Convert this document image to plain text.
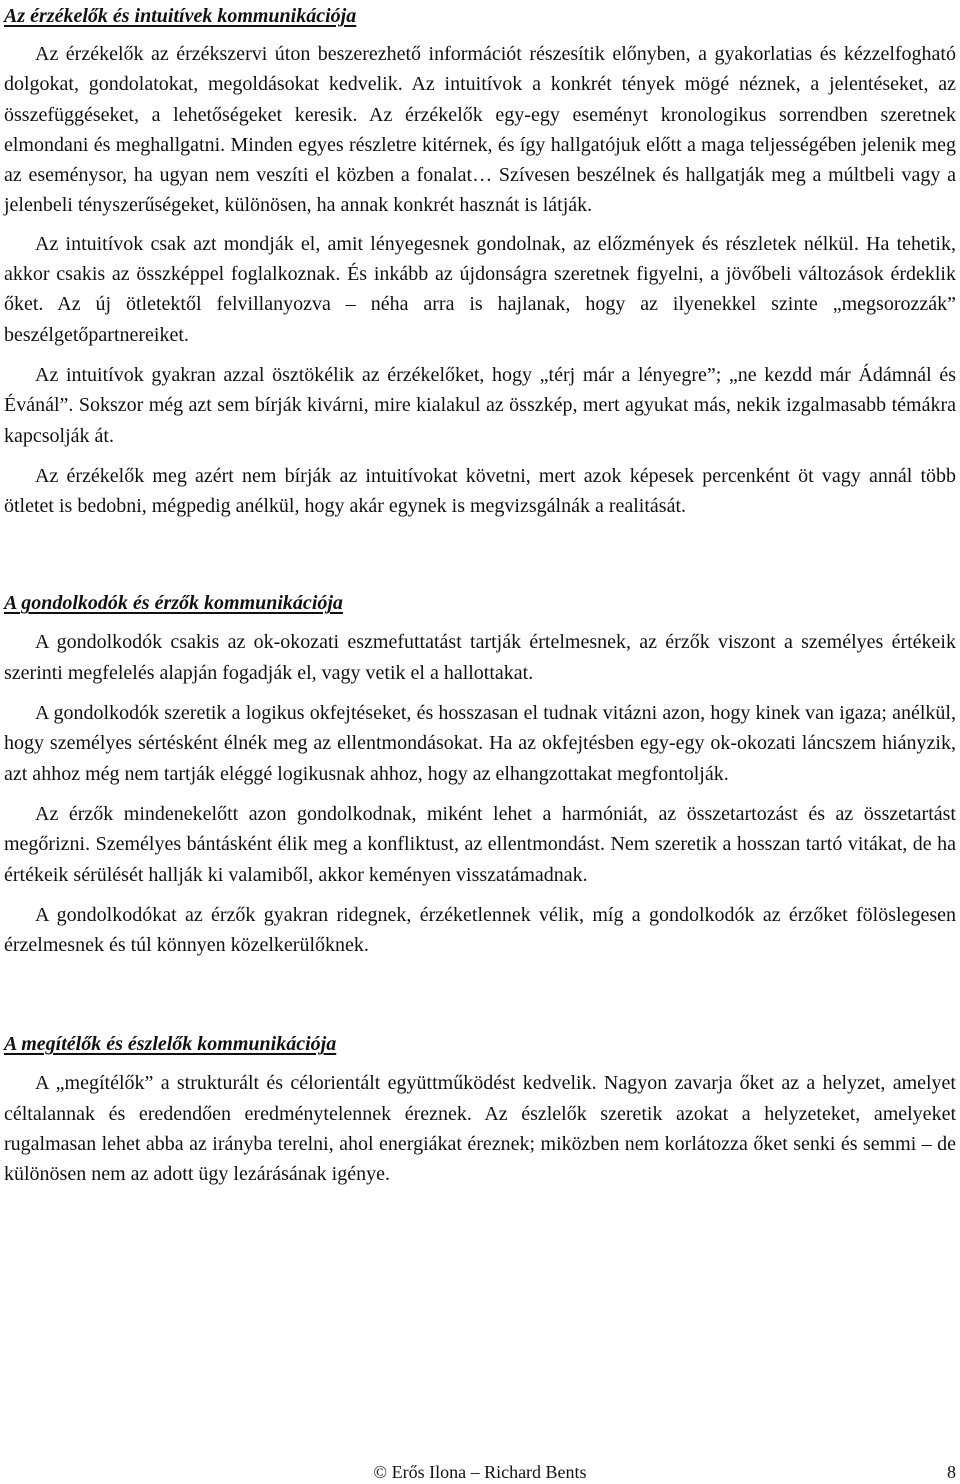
Az érzékelők és intuitívek kommunikációja

Az érzékelők az érzékszervi úton beszerezhető információt részesítik előnyben, a gyakorlatias és kézzelfogható dolgokat, gondolatokat, megoldásokat kedvelik. Az intuitívok a konkrét tények mögé néznek, a jelentéseket, az összefüggéseket, a lehetőségeket keresik. Az érzékelők egy-egy eseményt kronologikus sorrendben szeretnek elmondani és meghallgatni. Minden egyes részletre kitérnek, és így hallgatójuk előtt a maga teljességében jelenik meg az eseménysor, ha ugyan nem veszíti el közben a fonalat… Szívesen beszélnek és hallgatják meg a múltbeli vagy a jelenbeli tényszerűségeket, különösen, ha annak konkrét hasznát is látják.

Az intuitívok csak azt mondják el, amit lényegesnek gondolnak, az előzmények és részletek nélkül. Ha tehetik, akkor csakis az összképpel foglalkoznak. És inkább az újdonságra szeretnek figyelni, a jövőbeli változások érdeklik őket. Az új ötletektől felvillanyozva – néha arra is hajlanak, hogy az ilyenekkel szinte „megsorozzák” beszélgetőpartnereiket.

Az intuitívok gyakran azzal ösztökélik az érzékelőket, hogy „térj már a lényegre”; „ne kezdd már Ádámnál és Évánál”. Sokszor még azt sem bírják kivárni, mire kialakul az összkép, mert agyukat más, nekik izgalmasabb témákra kapcsolják át.

Az érzékelők meg azért nem bírják az intuitívokat követni, mert azok képesek percenként öt vagy annál több ötletet is bedobni, mégpedig anélkül, hogy akár egynek is megvizsgálnák a realitását.

A gondolkodók és érzők kommunikációja

A gondolkodók csakis az ok-okozati eszmefuttatást tartják értelmesnek, az érzők viszont a személyes értékeik szerinti megfelelés alapján fogadják el, vagy vetik el a hallottakat.

A gondolkodók szeretik a logikus okfejtéseket, és hosszasan el tudnak vitázni azon, hogy kinek van igaza; anélkül, hogy személyes sértésként élnék meg az ellentmondásokat. Ha az okfejtésben egy-egy ok-okozati láncszem hiányzik, azt ahhoz még nem tartják eléggé logikusnak ahhoz, hogy az elhangzottakat megfontolják.

Az érzők mindenekelőtt azon gondolkodnak, miként lehet a harmóniát, az összetartozást és az összetartást megőrizni. Személyes bántásként élik meg a konfliktust, az ellentmondást. Nem szeretik a hosszan tartó vitákat, de ha értékeik sérülését hallják ki valamiből, akkor keményen visszatámadnak.

A gondolkodókat az érzők gyakran ridegnek, érzéketlennek vélik, míg a gondolkodók az érzőket fölöslegesen érzelmesnek és túl könnyen közelkerülőknek.

A megítélők és észlelők kommunikációja

A „megítélők” a strukturált és célorientált együttműködést kedvelik. Nagyon zavarja őket az a helyzet, amelyet céltalannak és eredendően eredménytelennek éreznek. Az észlelők szeretik azokat a helyzeteket, amelyeket rugalmasan lehet abba az irányba terelni, ahol energiákat éreznek; miközben nem korlátozza őket senki és semmi – de különösen nem az adott ügy lezárásának igénye.

© Erős Ilona – Richard Bents	8
